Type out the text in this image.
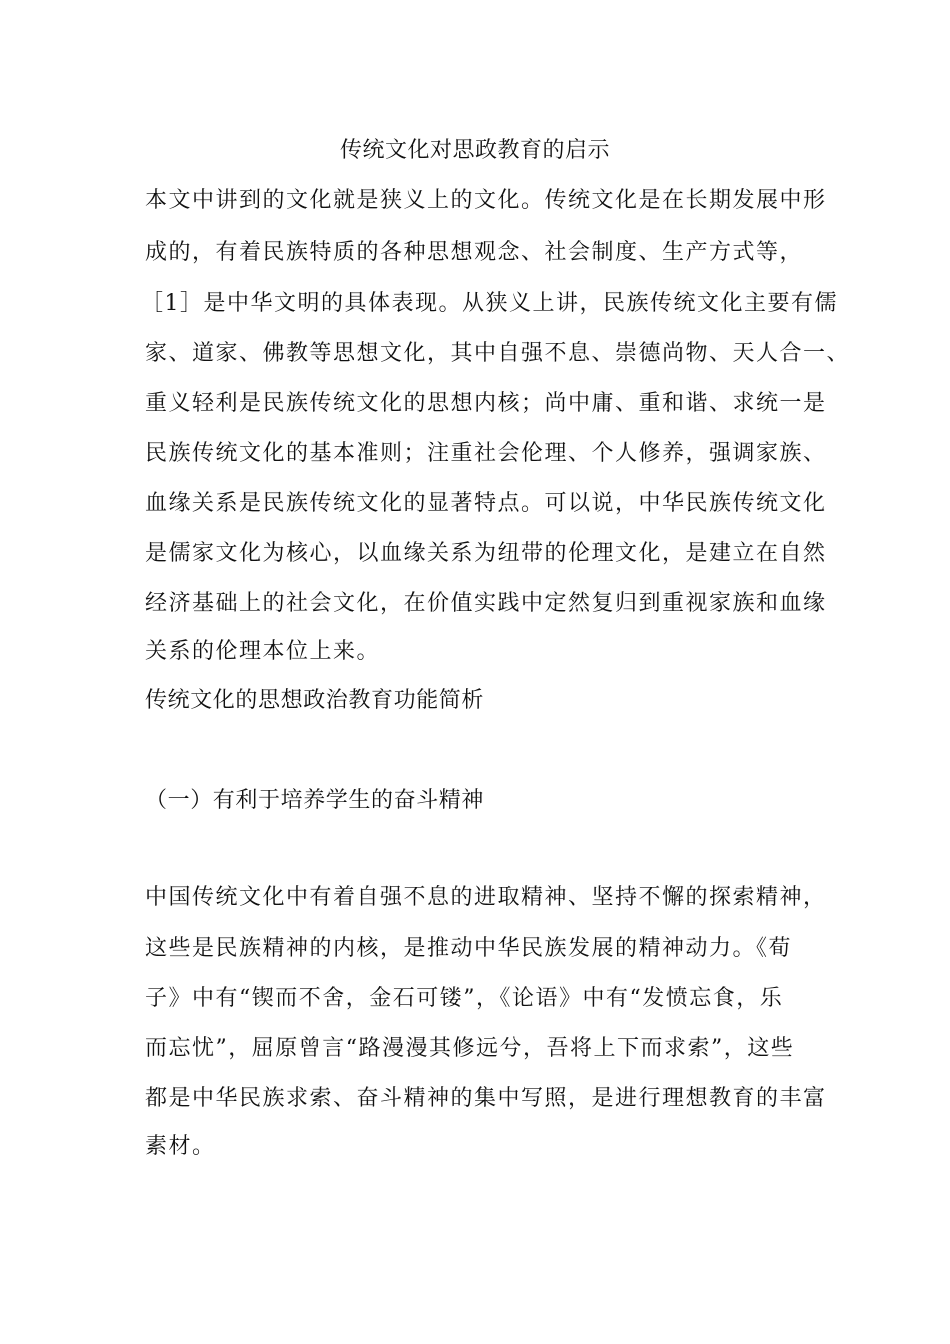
传统文化对思政教育的启示
本文中讲到的文化就是狭义上的文化。传统文化是在长期发展中形
成的，有着民族特质的各种思想观念、社会制度、生产方式等，
［1］是中华文明的具体表现。从狭义上讲，民族传统文化主要有儒
家、道家、佛教等思想文化，其中自强不息、崇德尚物、天人合一、
重义轻利是民族传统文化的思想内核；尚中庸、重和谐、求统一是
民族传统文化的基本准则；注重社会伦理、个人修养，强调家族、
血缘关系是民族传统文化的显著特点。可以说，中华民族传统文化
是儒家文化为核心，以血缘关系为纽带的伦理文化，是建立在自然
经济基础上的社会文化，在价值实践中定然复归到重视家族和血缘
关系的伦理本位上来。
传统文化的思想政治教育功能简析
（一）有利于培养学生的奋斗精神
中国传统文化中有着自强不息的进取精神、坚持不懈的探索精神，
这些是民族精神的内核，是推动中华民族发展的精神动力。《荀
子》中有“锲而不舍，金石可镂”，《论语》中有“发愤忘食，乐
而忘忧”，屈原曾言“路漫漫其修远兮，吾将上下而求索”，这些
都是中华民族求索、奋斗精神的集中写照，是进行理想教育的丰富
素材。
